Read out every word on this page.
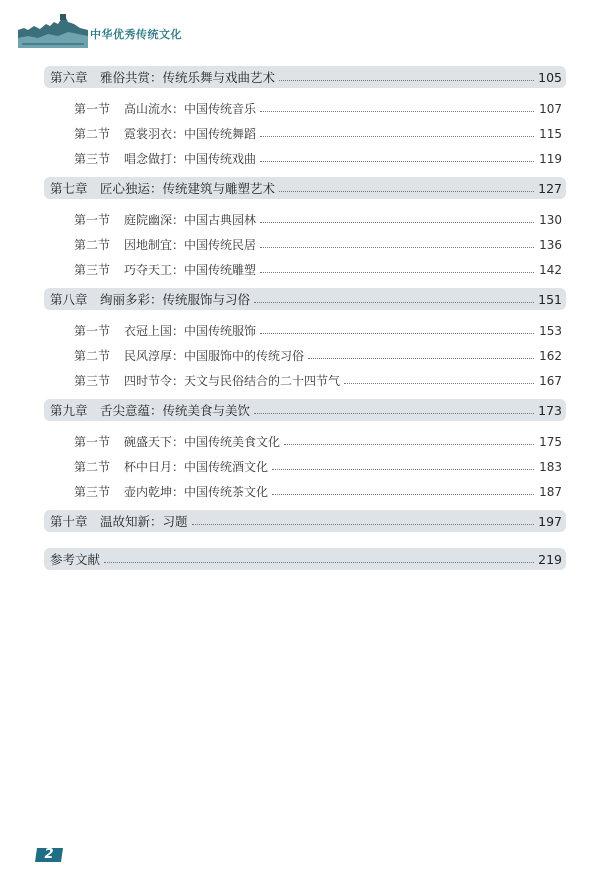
中华优秀传统文化
第六章 雅俗共赏：传统乐舞与戏曲艺术	105
第一节	高山流水：中国传统音乐	107
第二节	霓裳羽衣：中国传统舞蹈	115
第三节	唱念做打：中国传统戏曲	119
第七章 匠心独运：传统建筑与雕塑艺术	127
第一节	庭院幽深：中国古典园林	130
第二节	因地制宜：中国传统民居	136
第三节	巧夺天工：中国传统雕塑	142
第八章 绚丽多彩：传统服饰与习俗	151
第一节	衣冠上国：中国传统服饰	153
第二节	民风淳厚：中国服饰中的传统习俗	162
第三节	四时节令：天文与民俗结合的二十四节气	167
第九章 舌尖意蕴：传统美食与美饮	173
第一节	碗盛天下：中国传统美食文化	175
第二节	杯中日月：中国传统酒文化	183
第三节	壶内乾坤：中国传统茶文化	187
第十章 温故知新：习题	197
参考文献	219
2
